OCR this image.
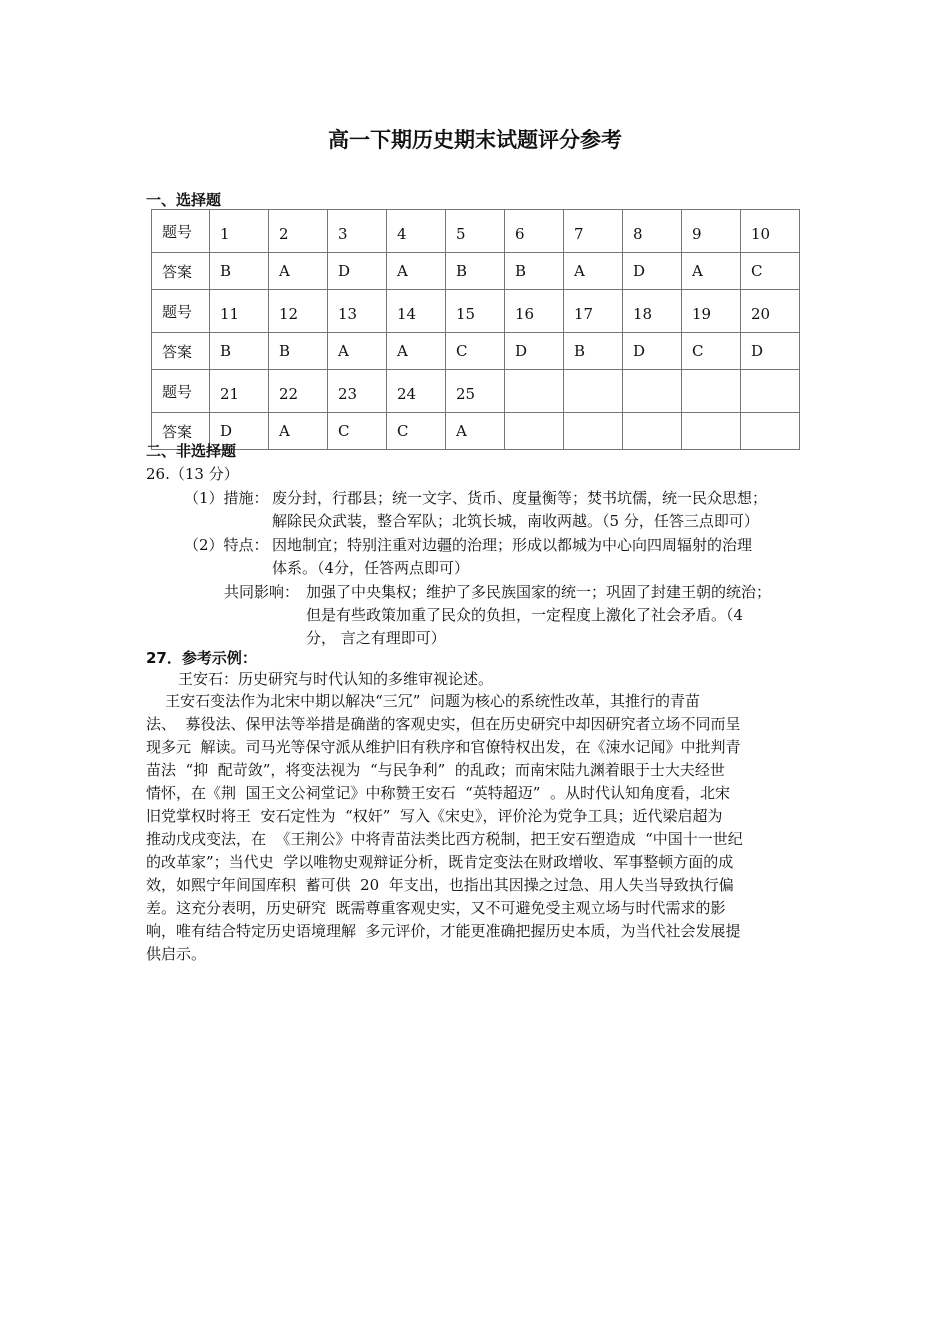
高一下期历史期末试题评分参考
一、选择题
题号	1	2	3	4	5	6	7	8	9	10
答案	B	A	D	A	B	B	A	D	A	C
题号	11	12	13	14	15	16	17	18	19	20
答案	B	B	A	A	C	D	B	D	C	D
题号	21	22	23	24	25					
答案	D	A	C	C	A					
二、非选择题
26.（13 分）
（1）措施： 废分封，行郡县；统一文字、货币、度量衡等；焚书坑儒，统一民众思想；
解除民众武装，整合军队；北筑长城，南收两越。（5 分，任答三点即可）
（2）特点： 因地制宜；特别注重对边疆的治理；形成以都城为中心向四周辐射的治理
体系。（4分，任答两点即可）
共同影响： 加强了中央集权；维护了多民族国家的统一；巩固了封建王朝的统治；
但是有些政策加重了民众的负担，一定程度上激化了社会矛盾。（4
分， 言之有理即可）
27．参考示例：
王安石：历史研究与时代认知的多维审视论述。
王安石变法作为北宋中期以解决“三冗”  问题为核心的系统性改革，其推行的青苗
法、  募役法、保甲法等举措是确凿的客观史实，但在历史研究中却因研究者立场不同而呈
现多元  解读。司马光等保守派从维护旧有秩序和官僚特权出发，在《涑水记闻》中批判青
苗法  “抑  配苛敛”，将变法视为  “与民争利”  的乱政；而南宋陆九渊着眼于士大夫经世
情怀，在《荆  国王文公祠堂记》中称赞王安石  “英特超迈”  。从时代认知角度看，北宋
旧党掌权时将王  安石定性为  “权奸”  写入《宋史》，评价沦为党争工具；近代梁启超为
推动戊戌变法，在  《王荆公》中将青苗法类比西方税制，把王安石塑造成  “中国十一世纪
的改革家”；当代史  学以唯物史观辩证分析，既肯定变法在财政增收、军事整顿方面的成
效，如熙宁年间国库积  蓄可供  20  年支出，也指出其因操之过急、用人失当导致执行偏
差。这充分表明，历史研究  既需尊重客观史实，又不可避免受主观立场与时代需求的影
响，唯有结合特定历史语境理解  多元评价，才能更准确把握历史本质，为当代社会发展提
供启示。
